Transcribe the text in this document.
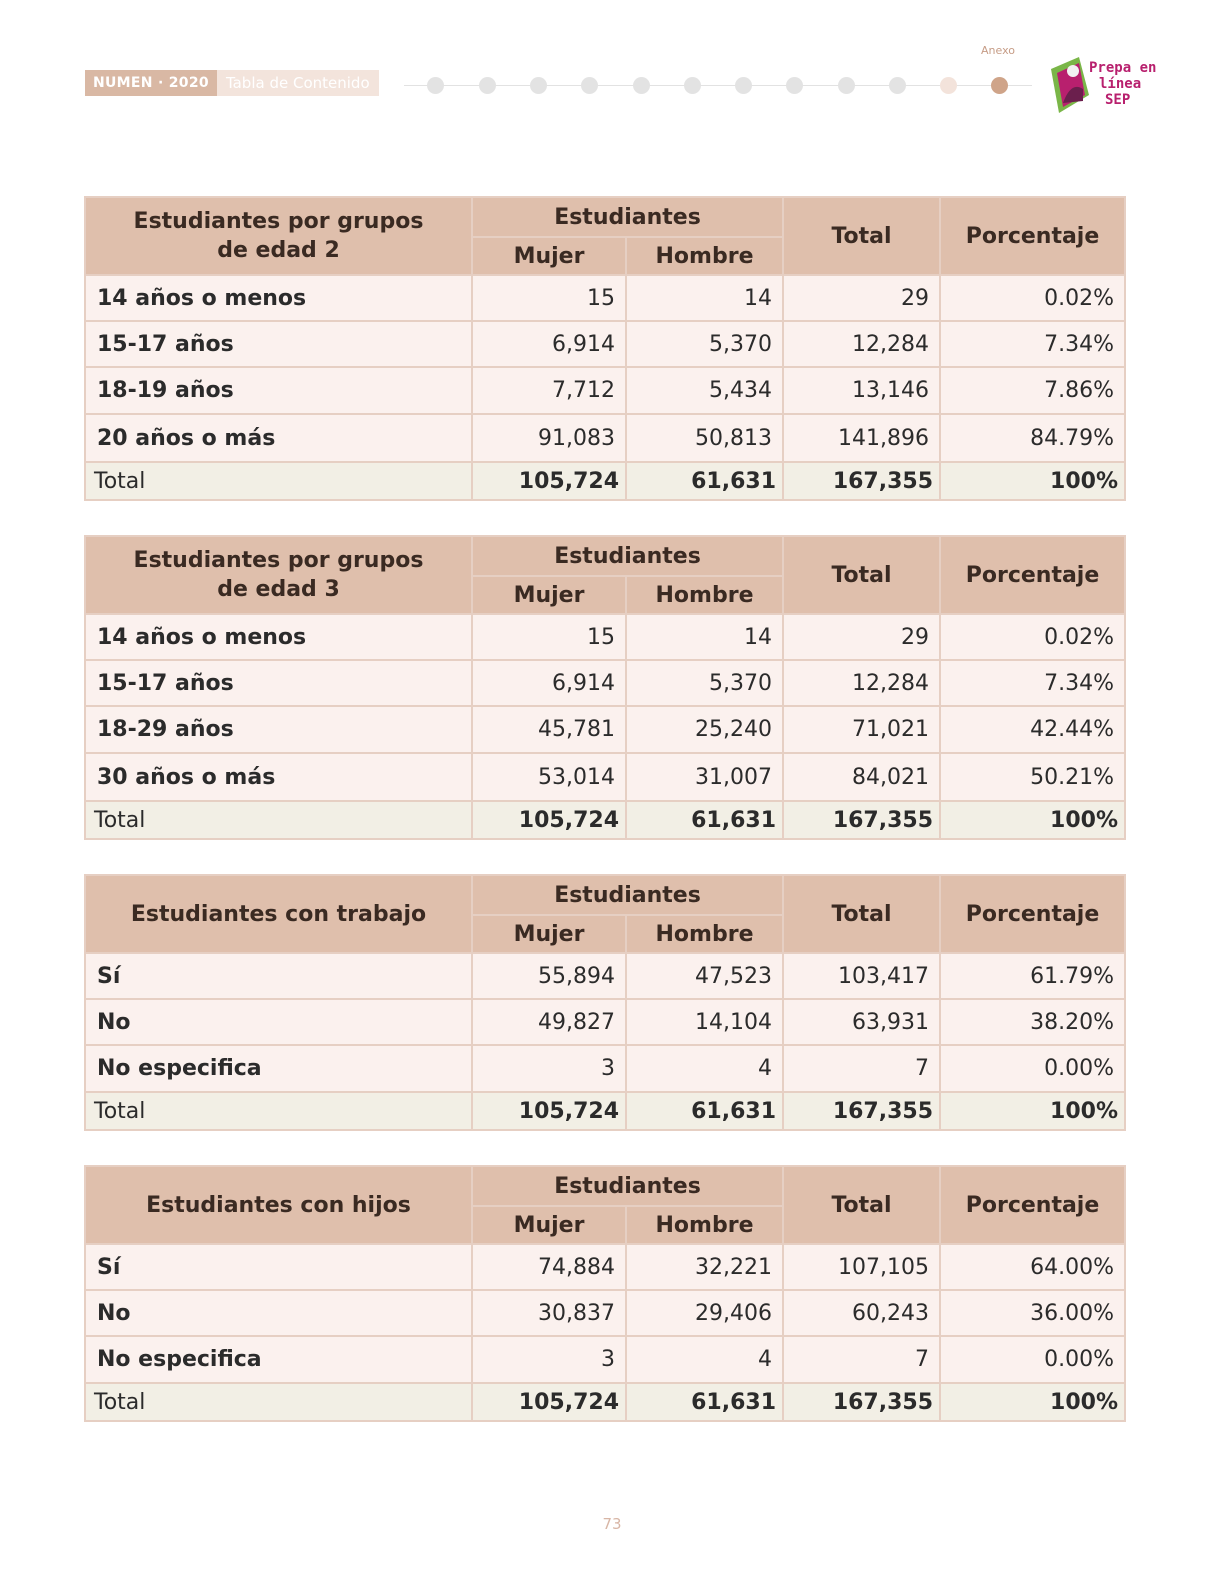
NUMEN · 2020	Tabla de Contenido
Anexo
Prepa en
línea
SEP
Estudiantes por grupos
de edad 2	Estudiantes		Total	Porcentaje
	Mujer	Hombre		
14 años o menos	15	14	29	0.02%
15-17 años	6,914	5,370	12,284	7.34%
18-19 años	7,712	5,434	13,146	7.86%
20 años o más	91,083	50,813	141,896	84.79%
Total	105,724	61,631	167,355	100%
Estudiantes por grupos
de edad 3	Estudiantes		Total	Porcentaje
	Mujer	Hombre		
14 años o menos	15	14	29	0.02%
15-17 años	6,914	5,370	12,284	7.34%
18-29 años	45,781	25,240	71,021	42.44%
30 años o más	53,014	31,007	84,021	50.21%
Total	105,724	61,631	167,355	100%
Estudiantes con trabajo	Estudiantes		Total	Porcentaje
	Mujer	Hombre		
Sí	55,894	47,523	103,417	61.79%
No	49,827	14,104	63,931	38.20%
No especifica	3	4	7	0.00%
Total	105,724	61,631	167,355	100%
Estudiantes con hijos	Estudiantes		Total	Porcentaje
	Mujer	Hombre		
Sí	74,884	32,221	107,105	64.00%
No	30,837	29,406	60,243	36.00%
No especifica	3	4	7	0.00%
Total	105,724	61,631	167,355	100%
73
